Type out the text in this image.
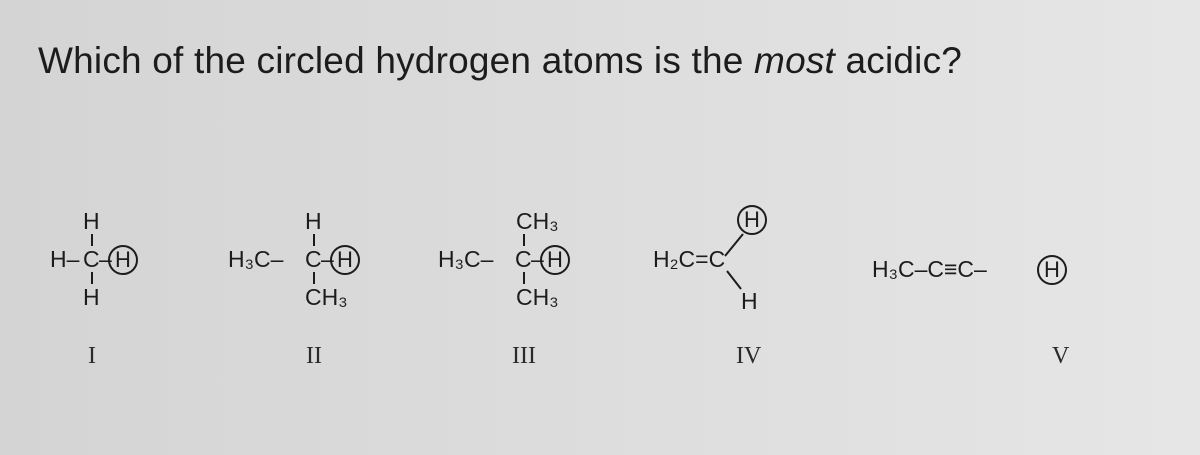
Which of the circled hydrogen atoms is the most acidic?
H
H– C – H
H
I
H
H₃C– C – H
CH₃
II
CH₃
H₃C– C – H
CH₃
III
H
H₂C=C
H
IV
H₃C–C≡C–	H
V
